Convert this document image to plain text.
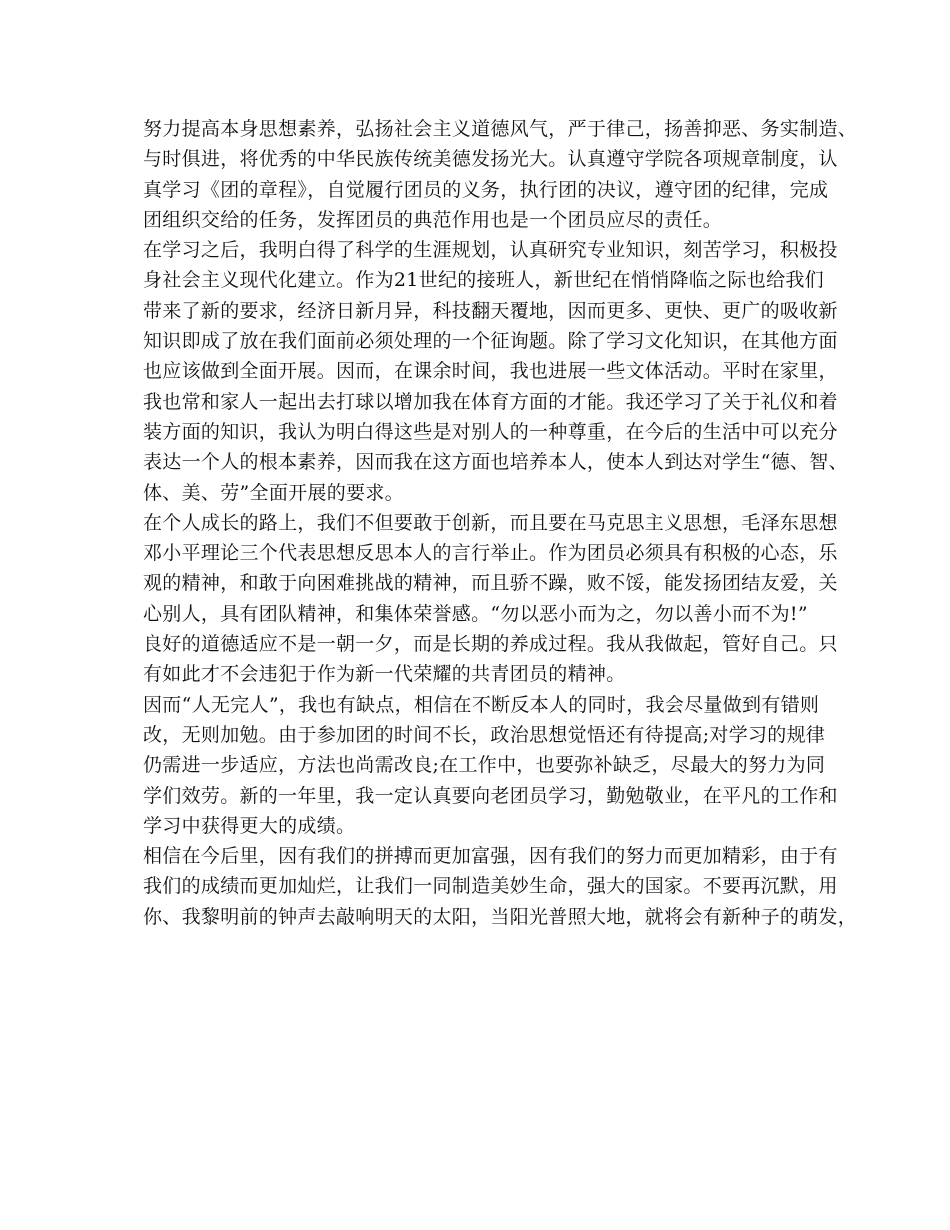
努力提高本身思想素养，弘扬社会主义道德风气，严于律己，扬善抑恶、务实制造、
与时俱进，将优秀的中华民族传统美德发扬光大。认真遵守学院各项规章制度，认
真学习《团的章程》，自觉履行团员的义务，执行团的决议，遵守团的纪律，完成
团组织交给的任务，发挥团员的典范作用也是一个团员应尽的责任。
在学习之后，我明白得了科学的生涯规划，认真研究专业知识，刻苦学习，积极投
身社会主义现代化建立。作为21世纪的接班人，新世纪在悄悄降临之际也给我们
带来了新的要求，经济日新月异，科技翻天覆地，因而更多、更快、更广的吸收新
知识即成了放在我们面前必须处理的一个征询题。除了学习文化知识，在其他方面
也应该做到全面开展。因而，在课余时间，我也进展一些文体活动。平时在家里，
我也常和家人一起出去打球以增加我在体育方面的才能。我还学习了关于礼仪和着
装方面的知识，我认为明白得这些是对别人的一种尊重，在今后的生活中可以充分
表达一个人的根本素养，因而我在这方面也培养本人，使本人到达对学生“德、智、
体、美、劳”全面开展的要求。
在个人成长的路上，我们不但要敢于创新，而且要在马克思主义思想，毛泽东思想
邓小平理论三个代表思想反思本人的言行举止。作为团员必须具有积极的心态，乐
观的精神，和敢于向困难挑战的精神，而且骄不躁，败不馁，能发扬团结友爱，关
心别人，具有团队精神，和集体荣誉感。“勿以恶小而为之，勿以善小而不为!”
良好的道德适应不是一朝一夕，而是长期的养成过程。我从我做起，管好自己。只
有如此才不会违犯于作为新一代荣耀的共青团员的精神。
因而“人无完人”，我也有缺点，相信在不断反本人的同时，我会尽量做到有错则
改，无则加勉。由于参加团的时间不长，政治思想觉悟还有待提高;对学习的规律
仍需进一步适应，方法也尚需改良;在工作中，也要弥补缺乏，尽最大的努力为同
学们效劳。新的一年里，我一定认真要向老团员学习，勤勉敬业，在平凡的工作和
学习中获得更大的成绩。
相信在今后里，因有我们的拼搏而更加富强，因有我们的努力而更加精彩，由于有
我们的成绩而更加灿烂，让我们一同制造美妙生命，强大的国家。不要再沉默，用
你、我黎明前的钟声去敲响明天的太阳，当阳光普照大地，就将会有新种子的萌发，
